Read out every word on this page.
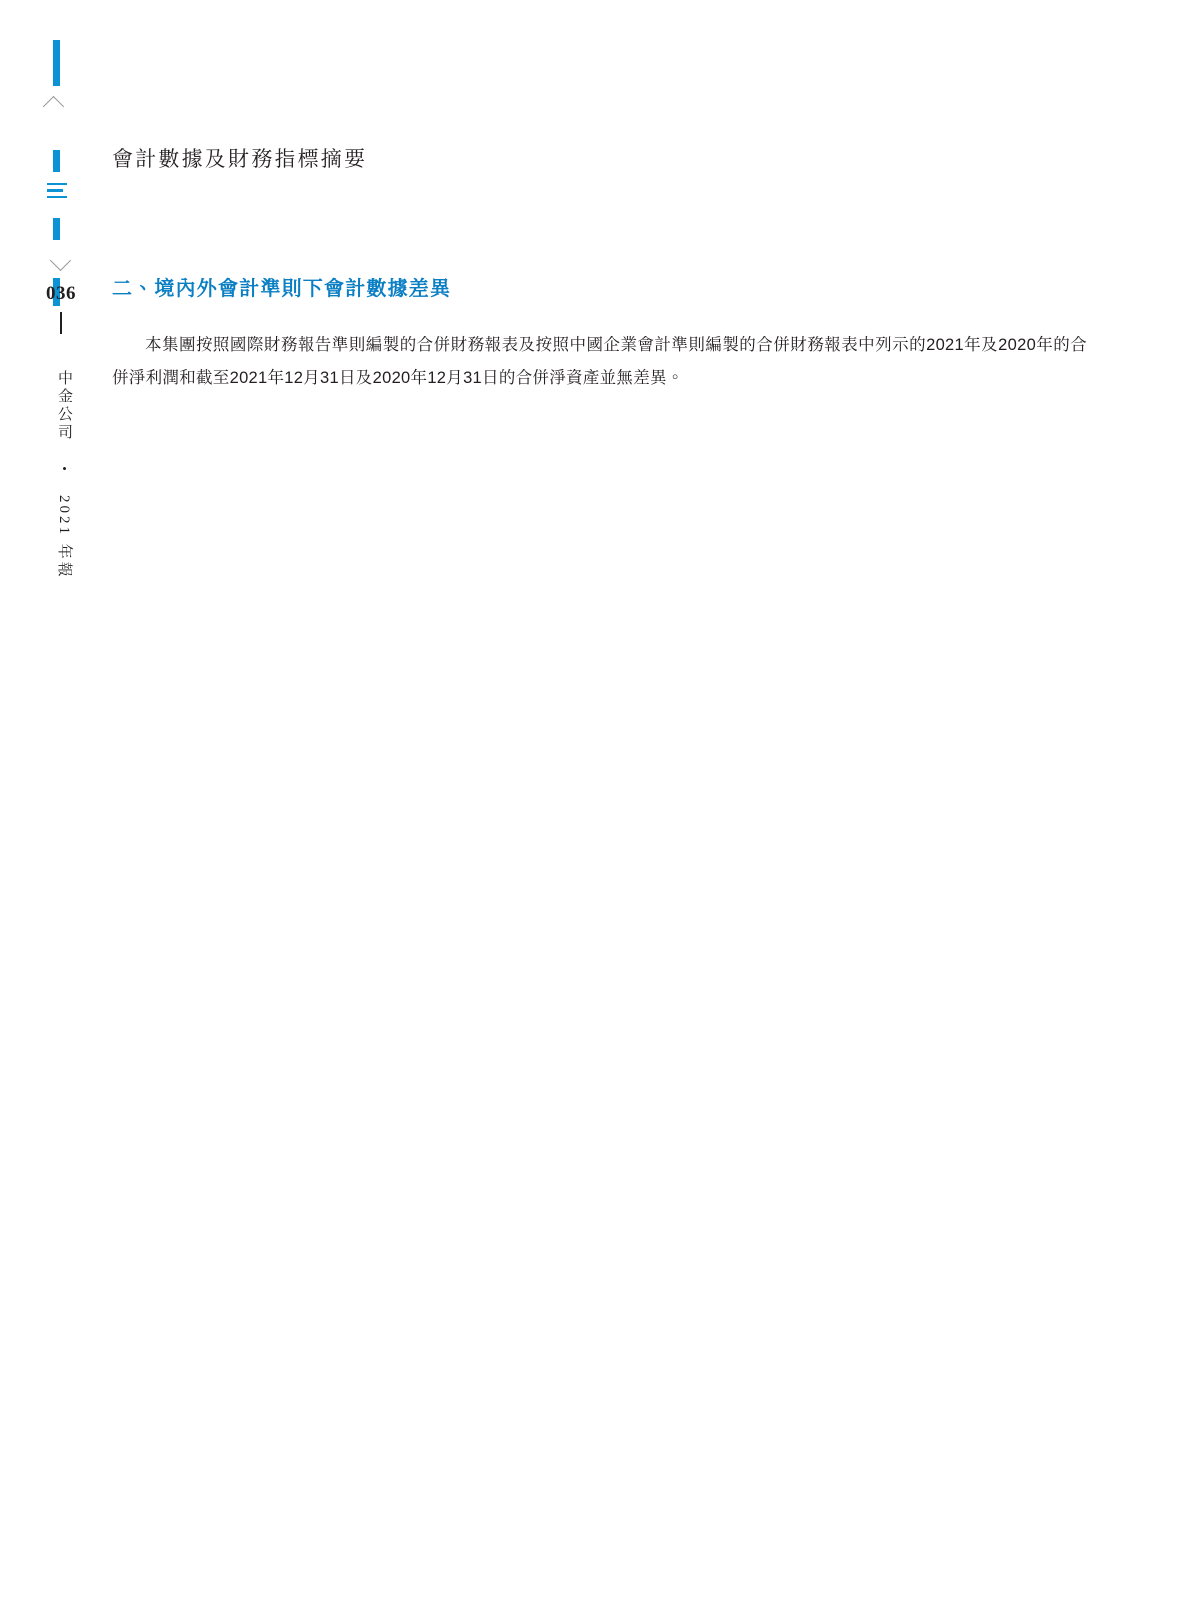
036
中金公司 • 2021 年報
會計數據及財務指標摘要
二、境內外會計準則下會計數據差異

本集團按照國際財務報告準則編製的合併財務報表及按照中國企業會計準則編製的合併財務報表中列示的2021年及2020年的合併淨利潤和截至2021年12月31日及2020年12月31日的合併淨資產並無差異。
